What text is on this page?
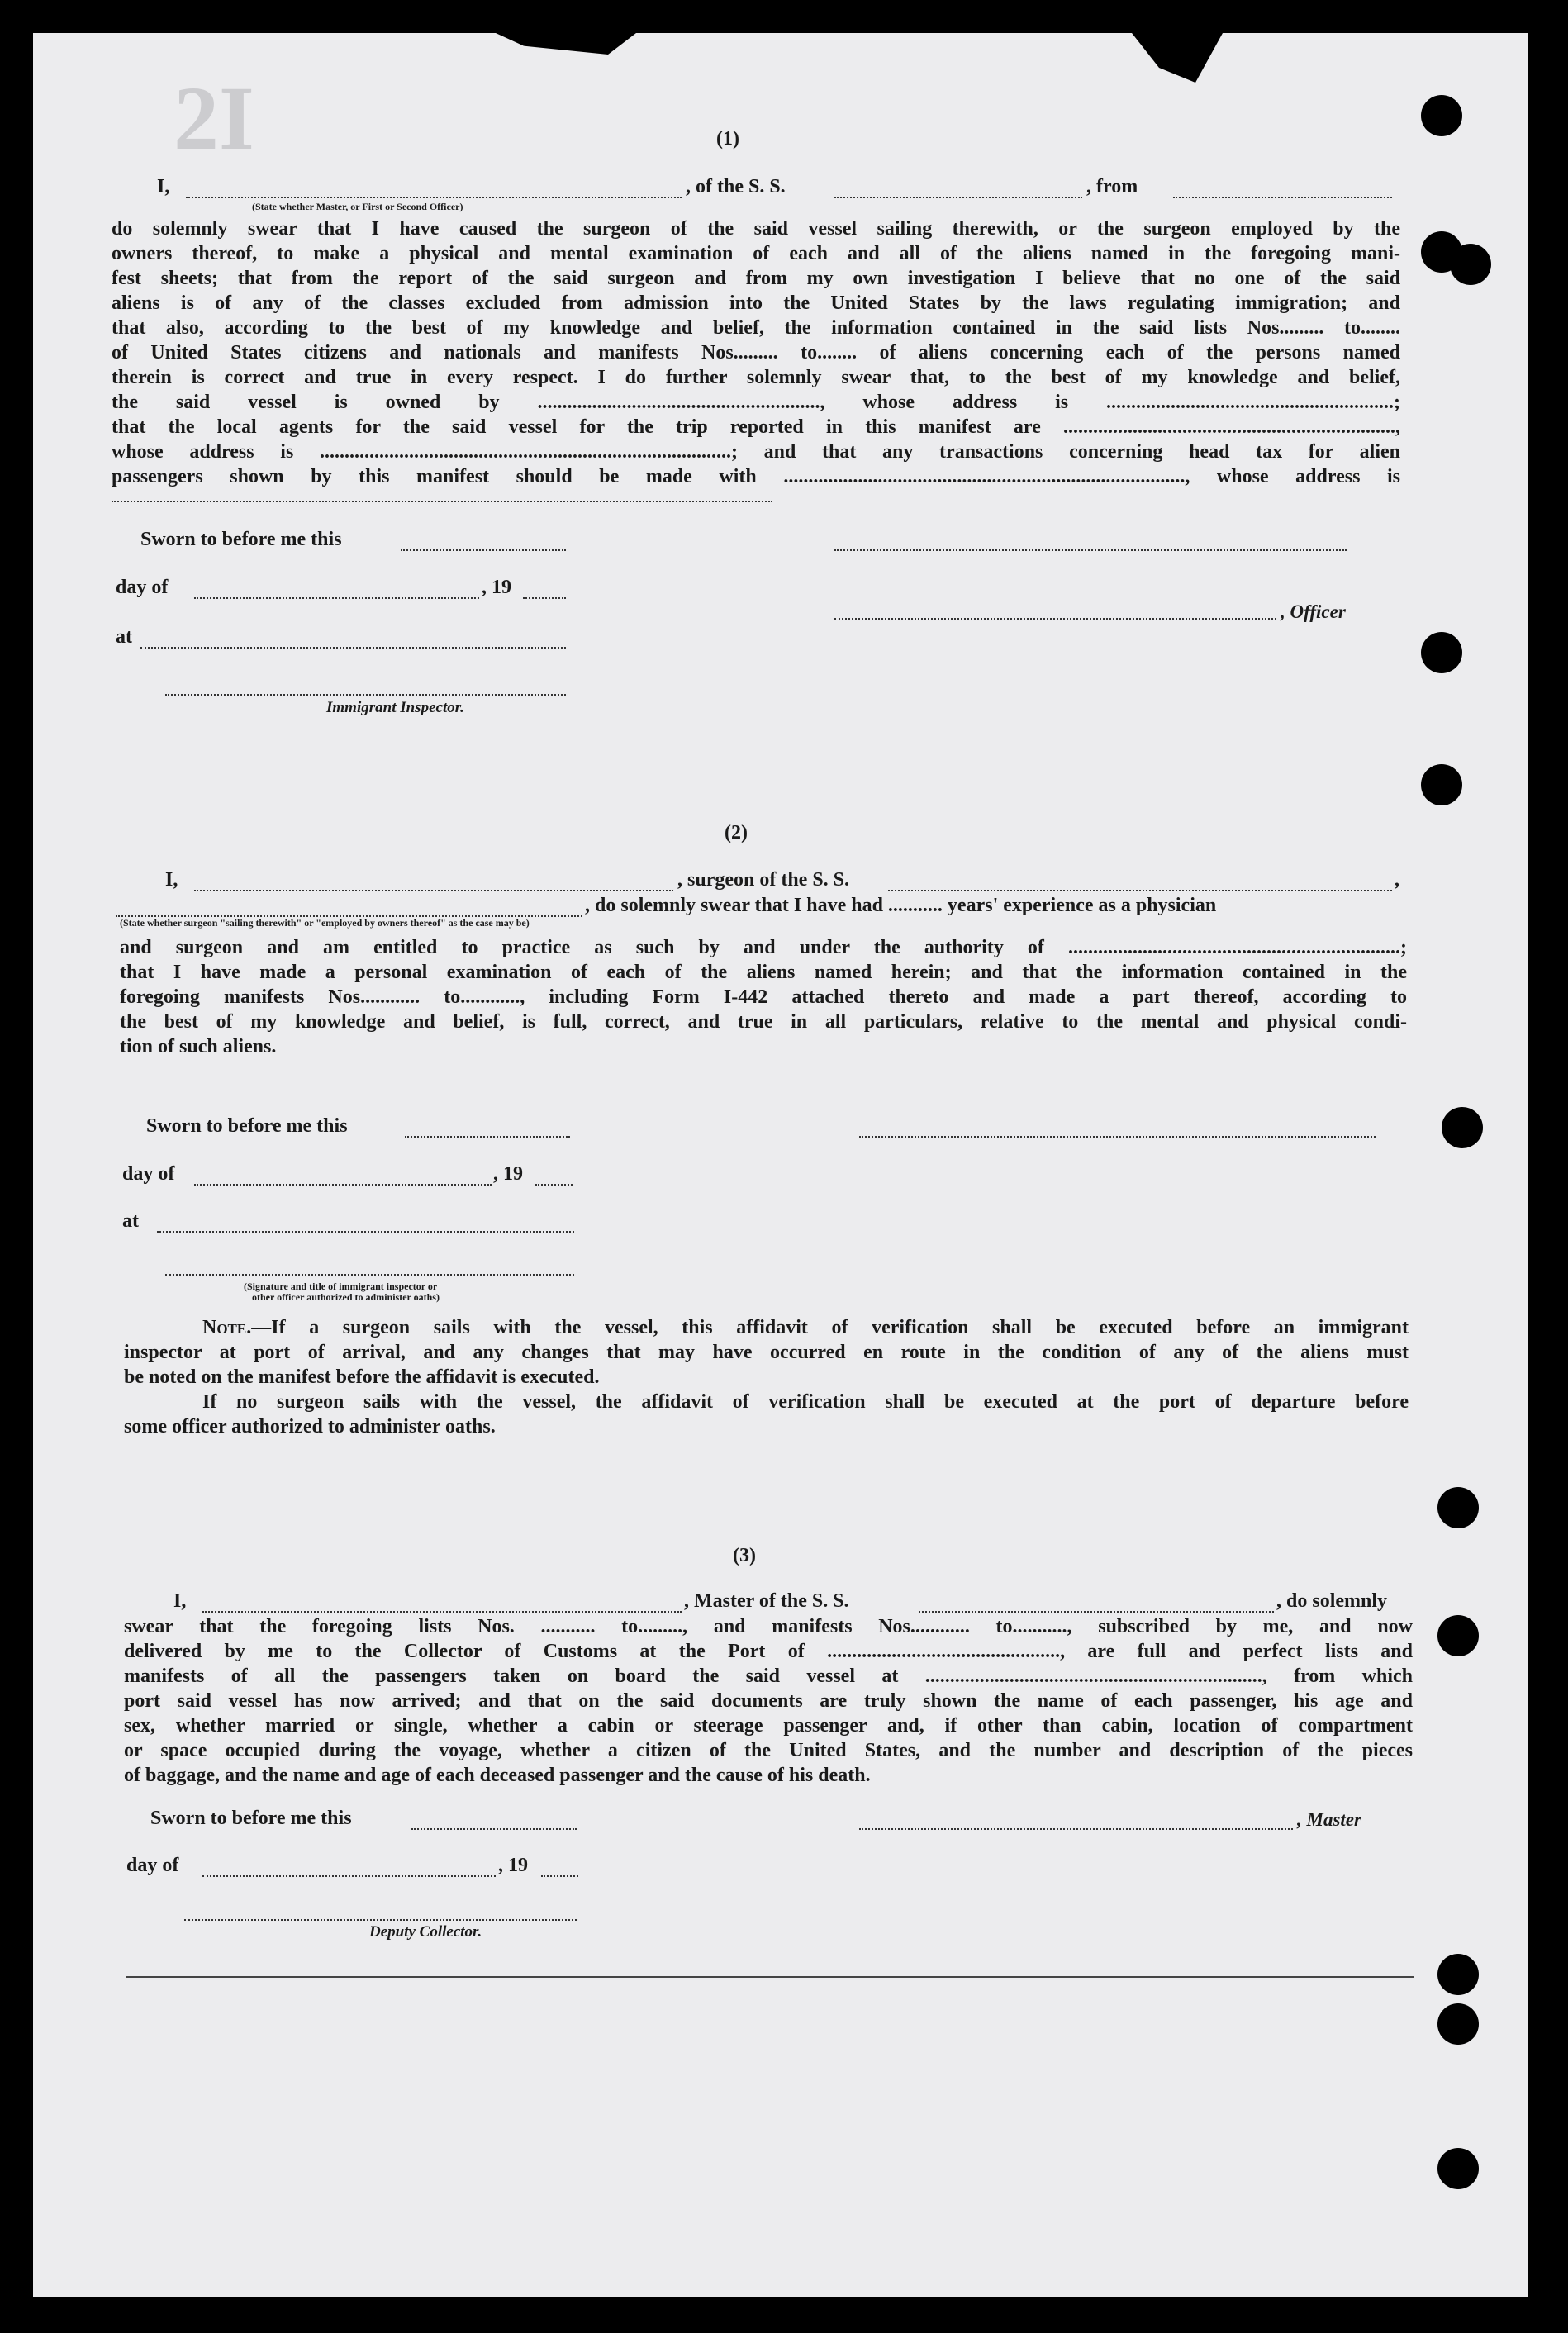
2I	(1)
I,	, of the S. S.	, from
(State whether Master, or First or Second Officer)
do solemnly swear that I have caused the surgeon of the said vessel sailing therewith, or the surgeon employed by the
owners thereof, to make a physical and mental examination of each and all of the aliens named in the foregoing mani-
fest sheets; that from the report of the said surgeon and from my own investigation I believe that no one of the said
aliens is of any of the classes excluded from admission into the United States by the laws regulating immigration; and
that also, according to the best of my knowledge and belief, the information contained in the said lists Nos......... to........
of United States citizens and nationals and manifests Nos......... to........ of aliens concerning each of the persons named
therein is correct and true in every respect. I do further solemnly swear that, to the best of my knowledge and belief,
the said vessel is owned by ........................................................., whose address is ..........................................................;
that the local agents for the said vessel for the trip reported in this manifest are ...................................................................,
whose address is ...................................................................................; and that any transactions concerning head tax for alien
passengers shown by this manifest should be made with ................................................................................., whose address is
Sworn to before me this
day of	, 19
, Officer
at
Immigrant Inspector.
(2)
I,	, surgeon of the S. S.	,
, do solemnly swear that I have had ........... years' experience as a physician
(State whether surgeon "sailing therewith" or "employed by owners thereof" as the case may be)
and surgeon and am entitled to practice as such by and under the authority of ...................................................................;
that I have made a personal examination of each of the aliens named herein; and that the information contained in the
foregoing manifests Nos............ to............, including Form I-442 attached thereto and made a part thereof, according to
the best of my knowledge and belief, is full, correct, and true in all particulars, relative to the mental and physical condi-
tion of such aliens.
Sworn to before me this
day of	, 19
at
(Signature and title of immigrant inspector or
other officer authorized to administer oaths)
Note.—If a surgeon sails with the vessel, this affidavit of verification shall be executed before an immigrant
inspector at port of arrival, and any changes that may have occurred en route in the condition of any of the aliens must
be noted on the manifest before the affidavit is executed.
If no surgeon sails with the vessel, the affidavit of verification shall be executed at the port of departure before
some officer authorized to administer oaths.
(3)
I,	, Master of the S. S.	, do solemnly
swear that the foregoing lists Nos. ........... to........., and manifests Nos............ to..........., subscribed by me, and now
delivered by me to the Collector of Customs at the Port of ..............................................., are full and perfect lists and
manifests of all the passengers taken on board the said vessel at ...................................................................., from which
port said vessel has now arrived; and that on the said documents are truly shown the name of each passenger, his age and
sex, whether married or single, whether a cabin or steerage passenger and, if other than cabin, location of compartment
or space occupied during the voyage, whether a citizen of the United States, and the number and description of the pieces
of baggage, and the name and age of each deceased passenger and the cause of his death.
Sworn to before me this	, Master
day of	, 19
Deputy Collector.
